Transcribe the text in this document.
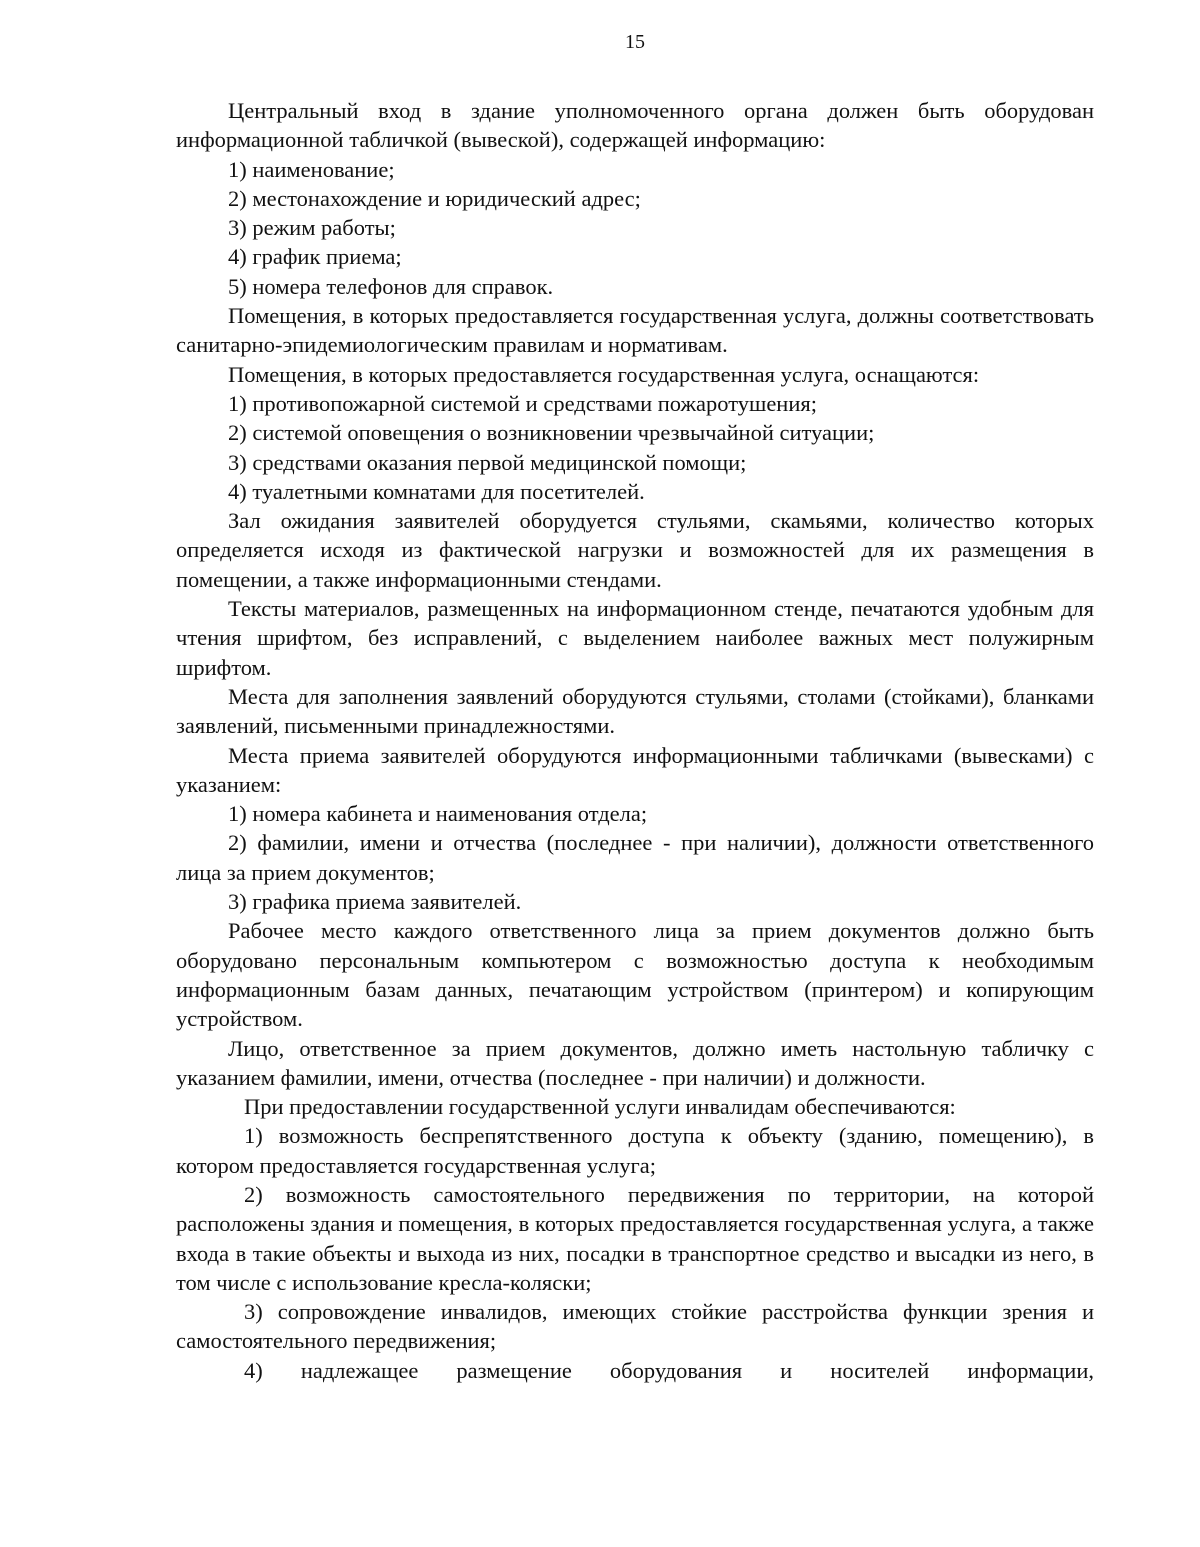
15

Центральный вход в здание уполномоченного органа должен быть оборудован информационной табличкой (вывеской), содержащей информацию:

1) наименование;

2) местонахождение и юридический адрес;

3) режим работы;

4) график приема;

5) номера телефонов для справок.

Помещения, в которых предоставляется государственная услуга, должны соответствовать санитарно-эпидемиологическим правилам и нормативам.

Помещения, в которых предоставляется государственная услуга, оснащаются:

1) противопожарной системой и средствами пожаротушения;

2) системой оповещения о возникновении чрезвычайной ситуации;

3) средствами оказания первой медицинской помощи;

4) туалетными комнатами для посетителей.

Зал ожидания заявителей оборудуется стульями, скамьями, количество которых определяется исходя из фактической нагрузки и возможностей для их размещения в помещении, а также информационными стендами.

Тексты материалов, размещенных на информационном стенде, печатаются удобным для чтения шрифтом, без исправлений, с выделением наиболее важных мест полужирным шрифтом.

Места для заполнения заявлений оборудуются стульями, столами (стойками), бланками заявлений, письменными принадлежностями.

Места приема заявителей оборудуются информационными табличками (вывесками) с указанием:

1) номера кабинета и наименования отдела;

2) фамилии, имени и отчества (последнее - при наличии), должности ответственного лица за прием документов;

3) графика приема заявителей.

Рабочее место каждого ответственного лица за прием документов должно быть оборудовано персональным компьютером с возможностью доступа к необходимым информационным базам данных, печатающим устройством (принтером) и копирующим устройством.

Лицо, ответственное за прием документов, должно иметь настольную табличку с указанием фамилии, имени, отчества (последнее - при наличии) и должности.

При предоставлении государственной услуги инвалидам обеспечиваются:

1) возможность беспрепятственного доступа к объекту (зданию, помещению), в котором предоставляется государственная услуга;

2) возможность самостоятельного передвижения по территории, на которой расположены здания и помещения, в которых предоставляется государственная услуга, а также входа в такие объекты и выхода из них, посадки в транспортное средство и высадки из него, в том числе с использование кресла-коляски;

3) сопровождение инвалидов, имеющих стойкие расстройства функции зрения и самостоятельного передвижения;

4) надлежащее размещение оборудования и носителей информации,
